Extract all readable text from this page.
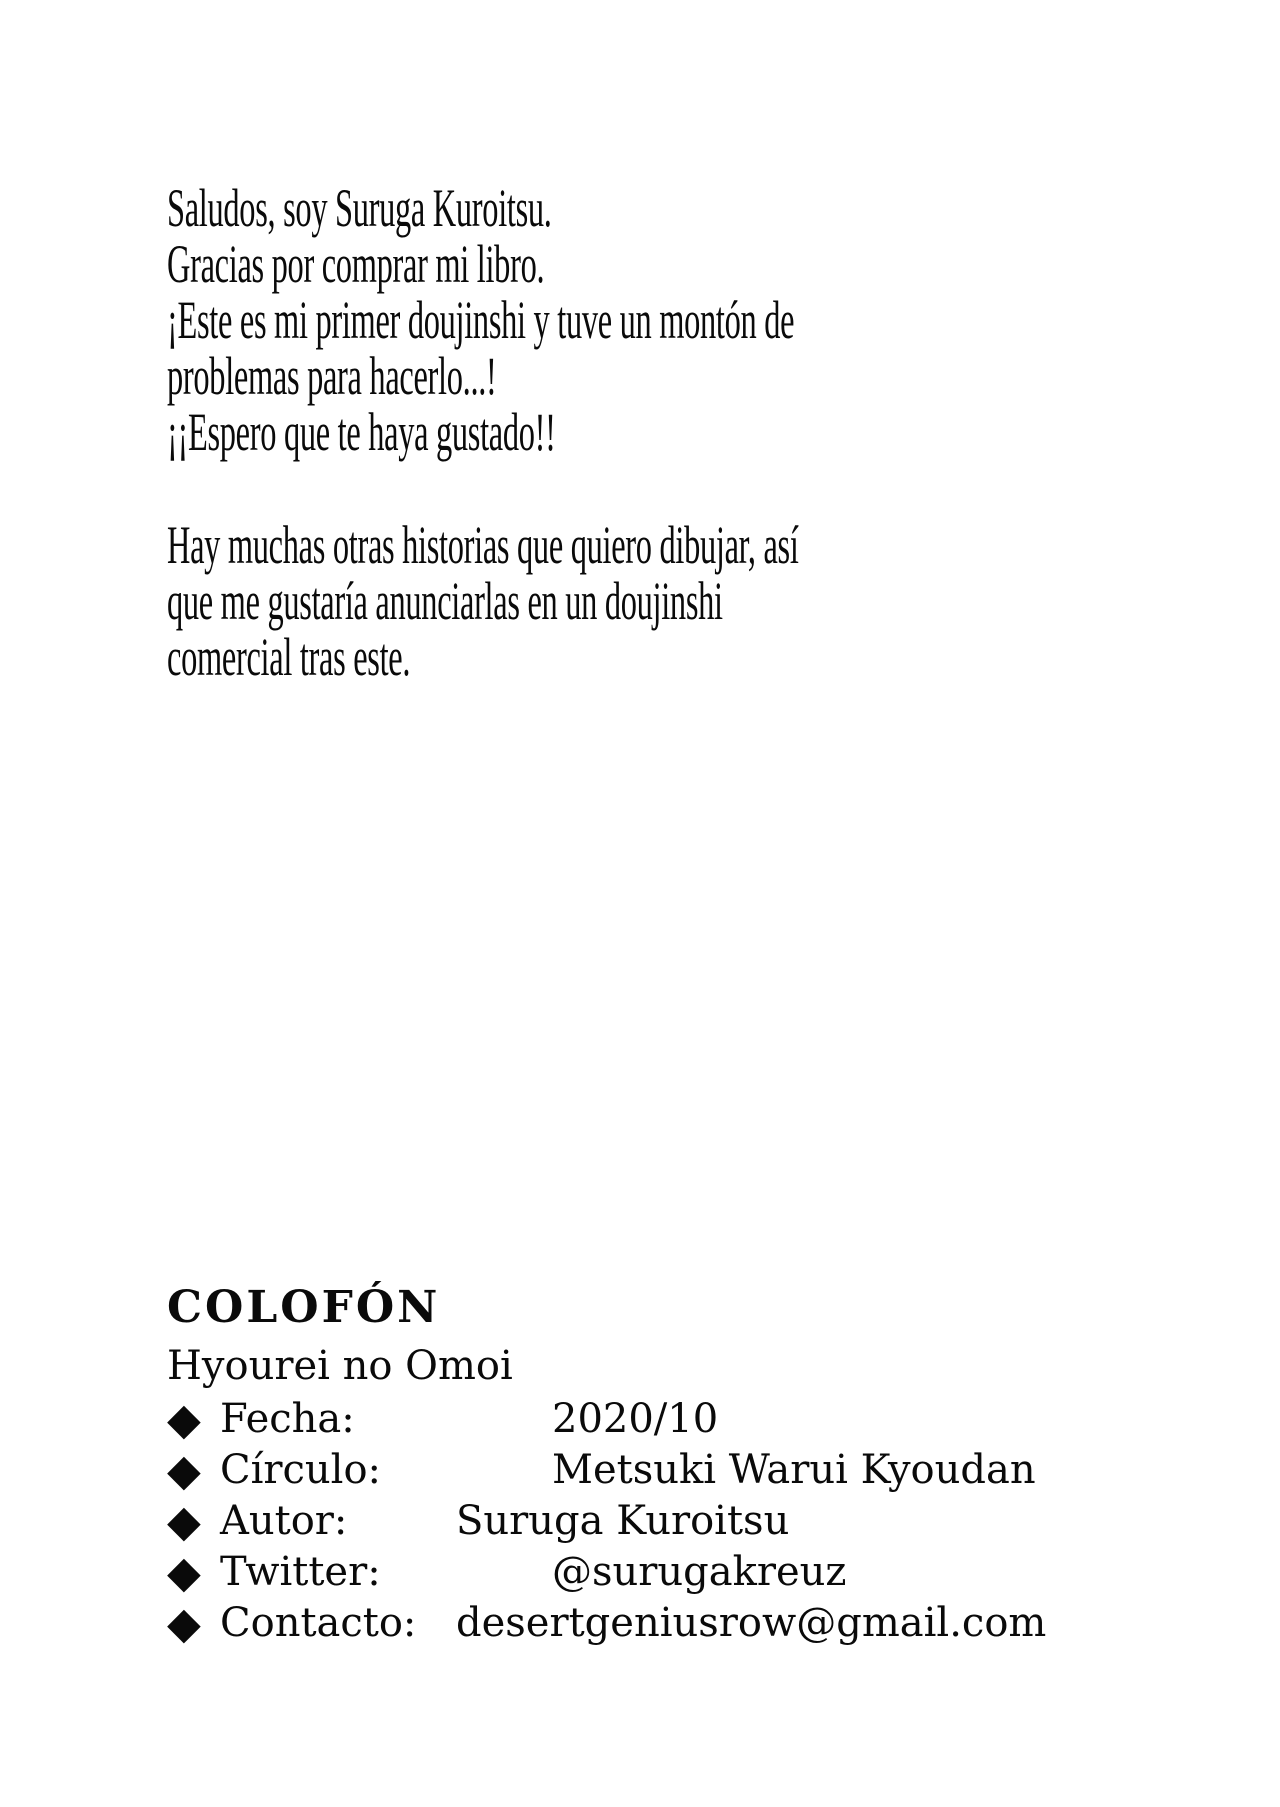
Saludos, soy Suruga Kuroitsu.
Gracias por comprar mi libro.
¡Este es mi primer doujinshi y tuve un montón de
problemas para hacerlo...!
¡¡Espero que te haya gustado!!
Hay muchas otras historias que quiero dibujar, así
que me gustaría anunciarlas en un doujinshi
comercial tras este.
COLOFÓN
Hyourei no Omoi
◆ Fecha:	2020/10
◆ Círculo:	Metsuki Warui Kyoudan
◆ Autor:	Suruga Kuroitsu
◆ Twitter:	@surugakreuz
◆ Contacto: desertgeniusrow@gmail.com
